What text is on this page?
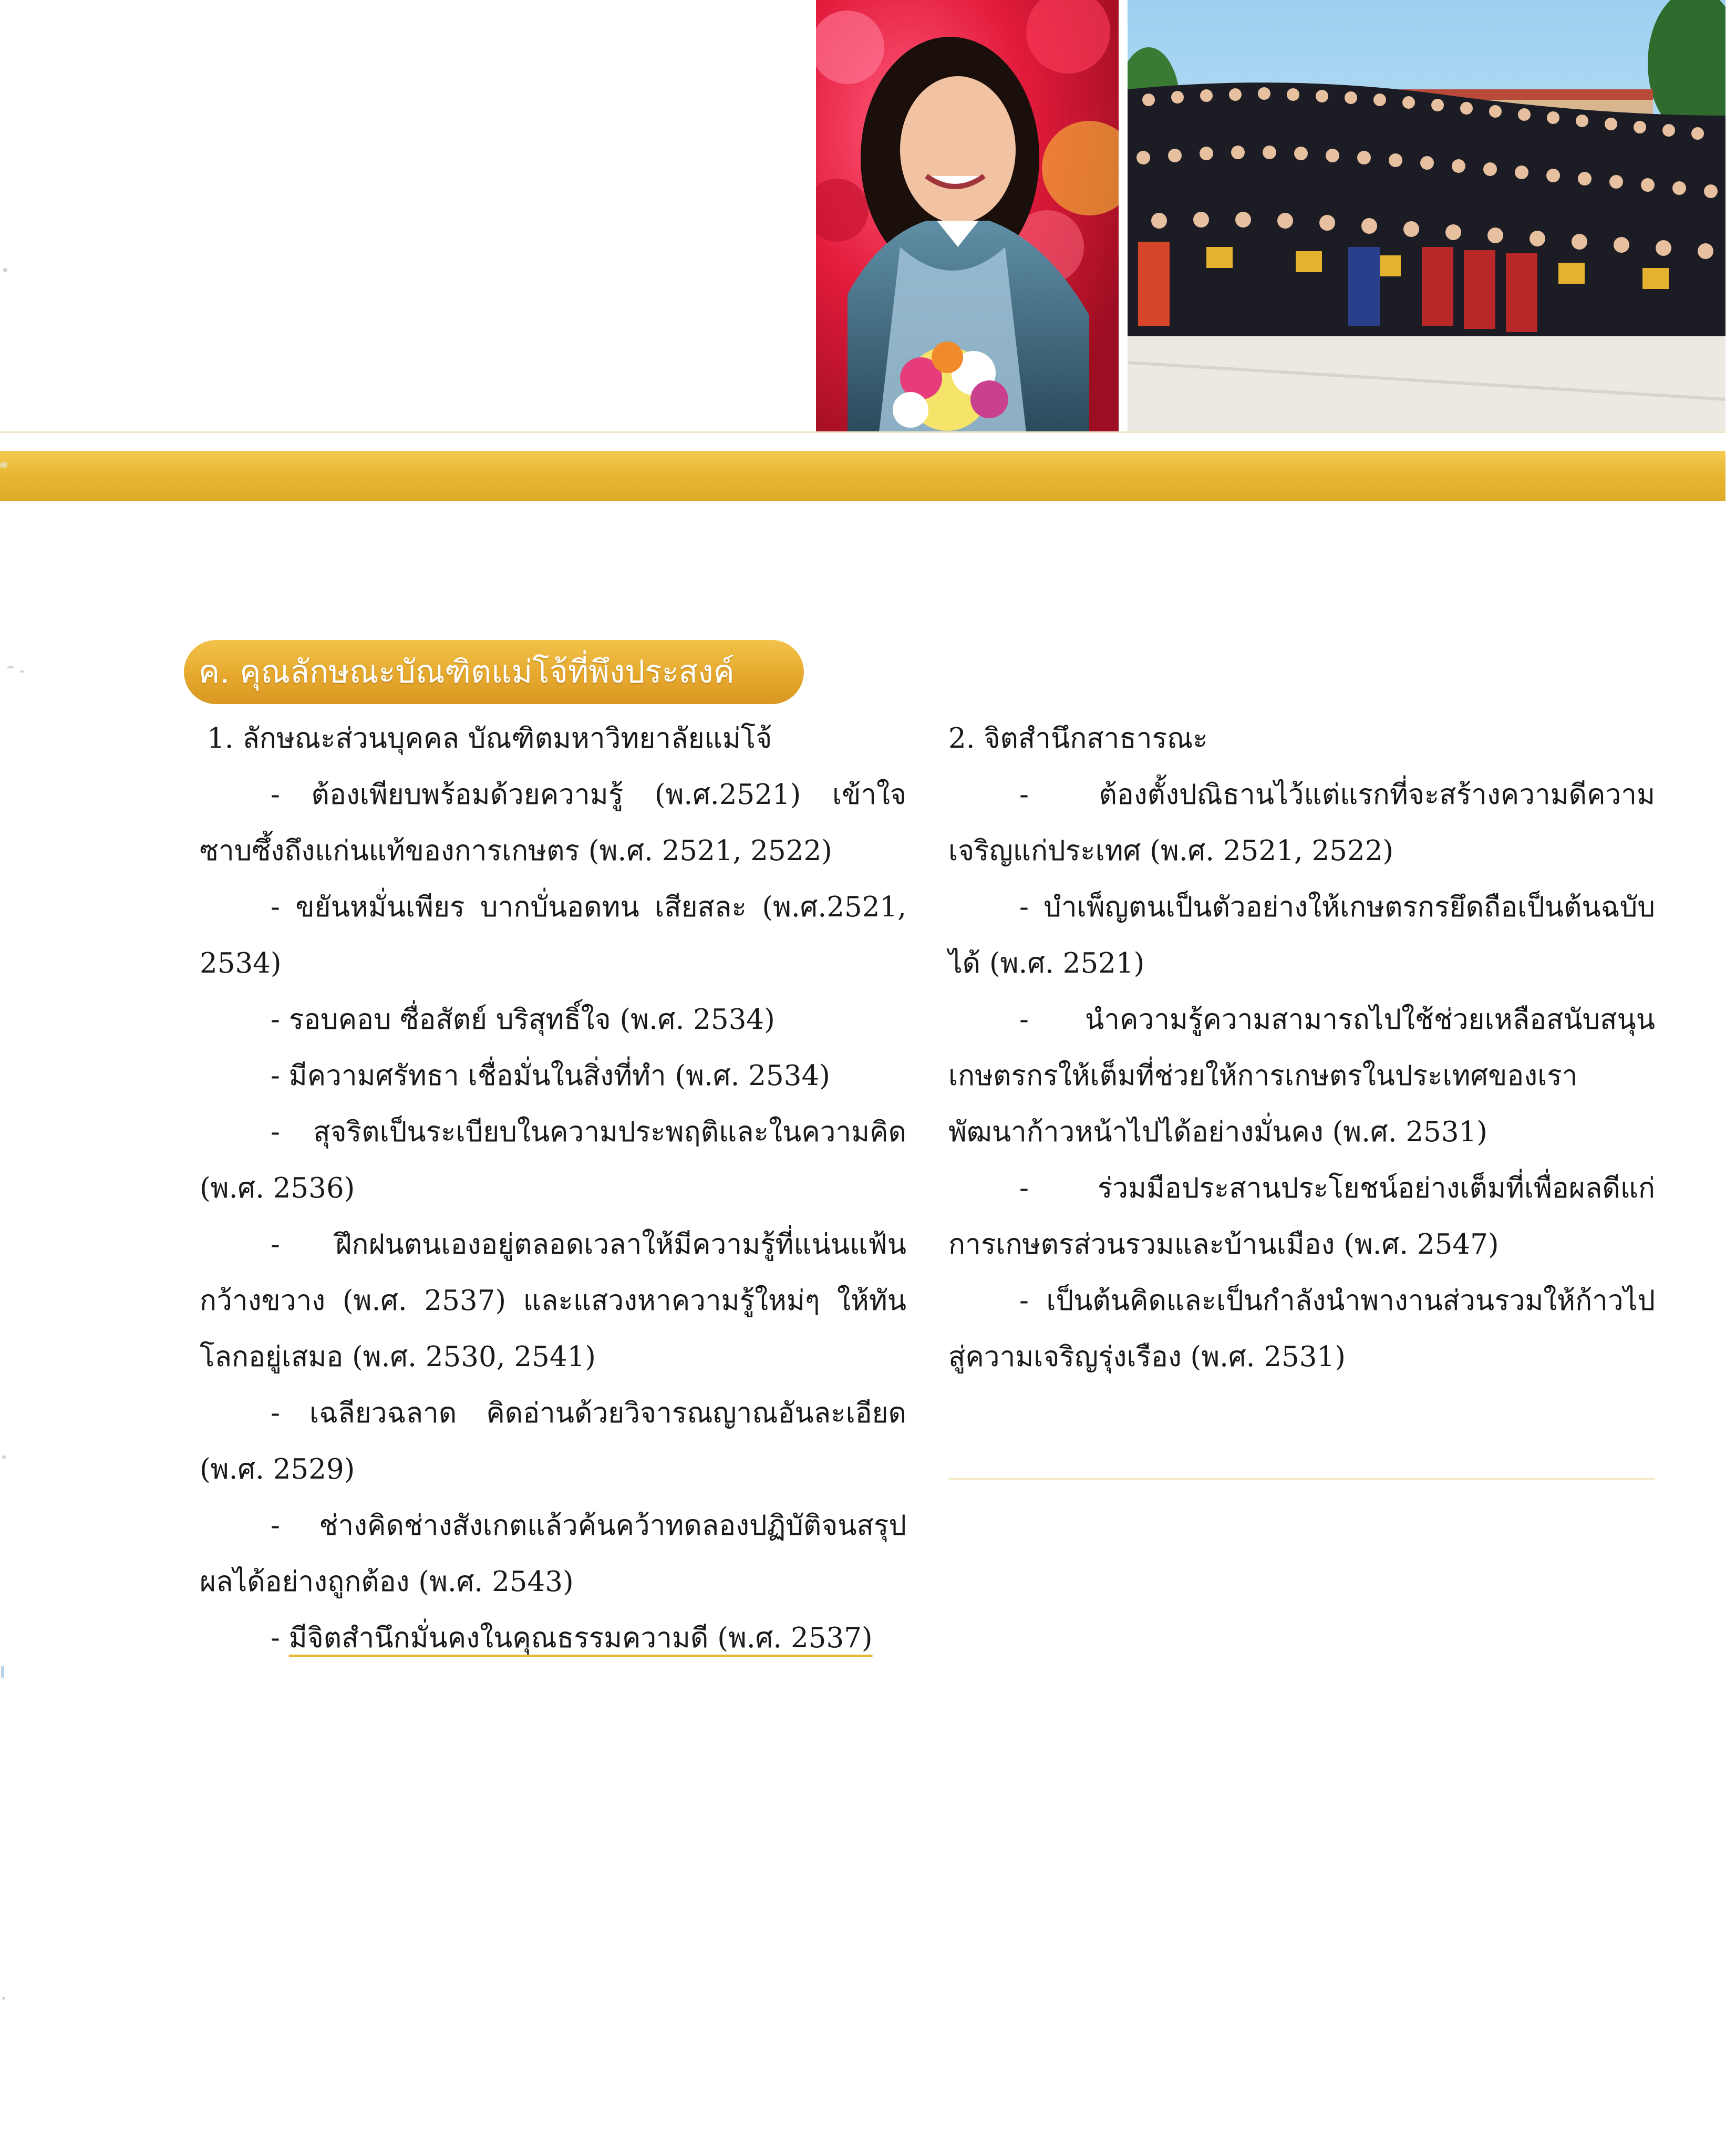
ค. คุณลักษณะบัณฑิตแม่โจ้ที่พึงประสงค์
1. ลักษณะส่วนบุคคล บัณฑิตมหาวิทยาลัยแม่โจ้

- ต้องเพียบพร้อมด้วยความรู้ (พ.ศ.2521) เข้าใจซาบซึ้งถึงแก่นแท้ของการเกษตร (พ.ศ. 2521, 2522)

- ขยันหมั่นเพียร บากบั่นอดทน เสียสละ (พ.ศ.2521, 2534)

- รอบคอบ ซื่อสัตย์ บริสุทธิ์ใจ (พ.ศ. 2534)

- มีความศรัทธา เชื่อมั่นในสิ่งที่ทำ (พ.ศ. 2534)

- สุจริตเป็นระเบียบในความประพฤติและในความคิด (พ.ศ. 2536)

- ฝึกฝนตนเองอยู่ตลอดเวลาให้มีความรู้ที่แน่นแฟ้นกว้างขวาง (พ.ศ. 2537) และแสวงหาความรู้ใหม่ๆ ให้ทันโลกอยู่เสมอ (พ.ศ. 2530, 2541)

- เฉลียวฉลาด คิดอ่านด้วยวิจารณญาณอันละเอียด (พ.ศ. 2529)

- ช่างคิดช่างสังเกตแล้วค้นคว้าทดลองปฏิบัติจนสรุปผลได้อย่างถูกต้อง (พ.ศ. 2543)

- มีจิตสำนึกมั่นคงในคุณธรรมความดี (พ.ศ. 2537)

2. จิตสำนึกสาธารณะ

- ต้องตั้งปณิธานไว้แต่แรกที่จะสร้างความดีความเจริญแก่ประเทศ (พ.ศ. 2521, 2522)

- บำเพ็ญตนเป็นตัวอย่างให้เกษตรกรยึดถือเป็นต้นฉบับได้ (พ.ศ. 2521)

- นำความรู้ความสามารถไปใช้ช่วยเหลือสนับสนุนเกษตรกรให้เต็มที่ช่วยให้การเกษตรในประเทศของเราพัฒนาก้าวหน้าไปได้อย่างมั่นคง (พ.ศ. 2531)

- ร่วมมือประสานประโยชน์อย่างเต็มที่เพื่อผลดีแก่การเกษตรส่วนรวมและบ้านเมือง (พ.ศ. 2547)

- เป็นต้นคิดและเป็นกำลังนำพางานส่วนรวมให้ก้าวไปสู่ความเจริญรุ่งเรือง (พ.ศ. 2531)
